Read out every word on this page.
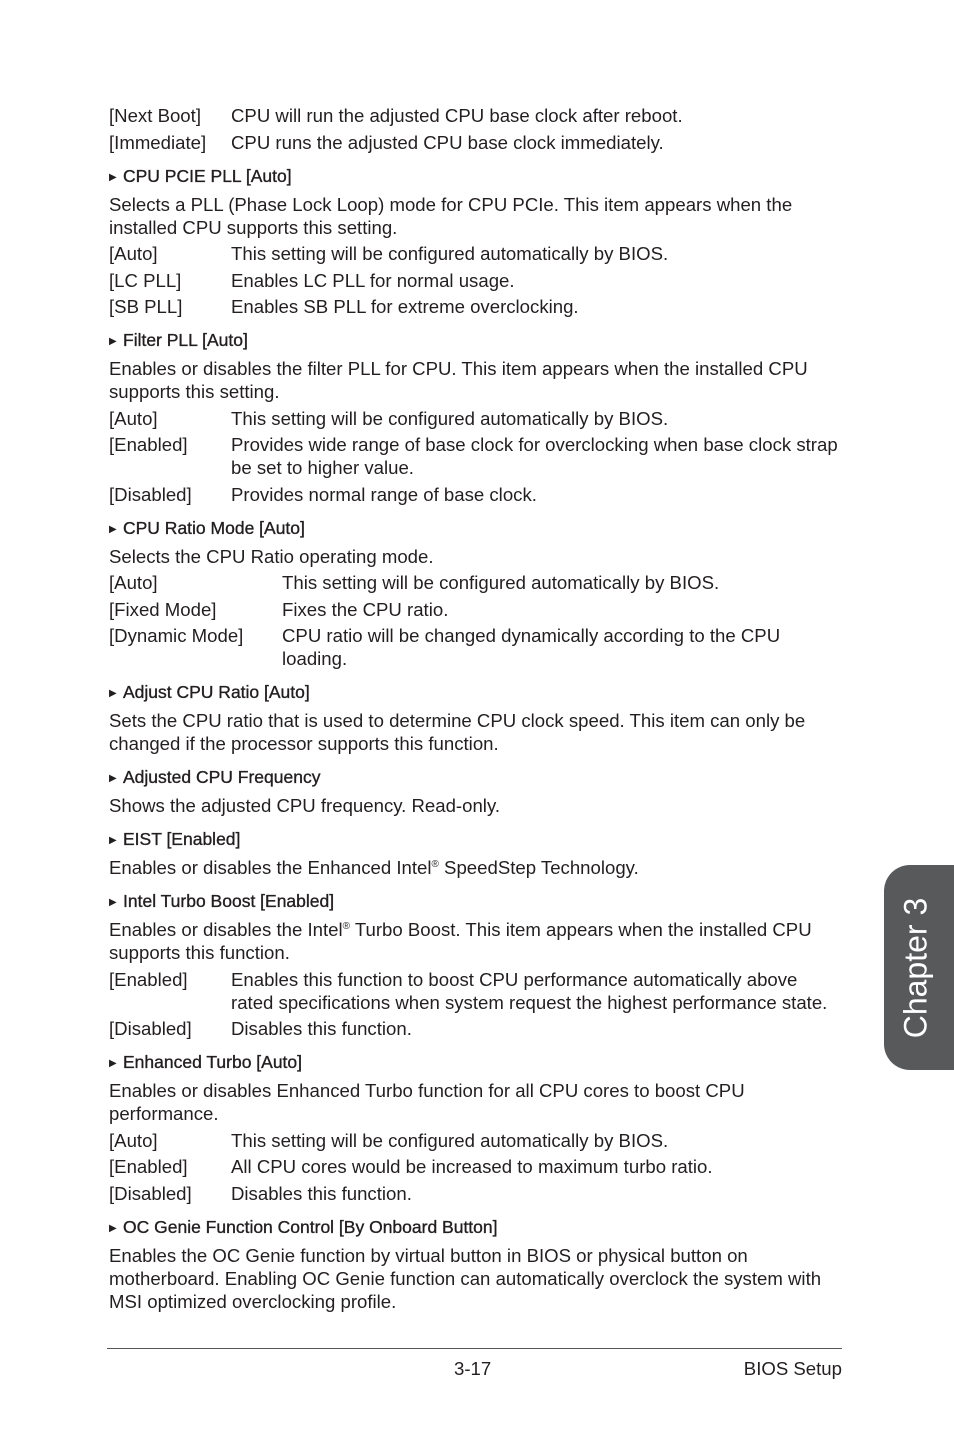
[Next Boot]	CPU will run the adjusted CPU base clock after reboot.
[Immediate]	CPU runs the adjusted CPU base clock immediately.
▶ CPU PCIE PLL [Auto]
Selects a PLL (Phase Lock Loop) mode for CPU PCIe. This item appears when the installed CPU supports this setting.
[Auto]	This setting will be configured automatically by BIOS.
[LC PLL]	Enables LC PLL for normal usage.
[SB PLL]	Enables SB PLL for extreme overclocking.
▶ Filter PLL [Auto]
Enables or disables the filter PLL for CPU. This item appears when the installed CPU supports this setting.
[Auto]	This setting will be configured automatically by BIOS.
[Enabled]	Provides wide range of base clock for overclocking when base clock strap be set to higher value.
[Disabled]	Provides normal range of base clock.
▶ CPU Ratio Mode [Auto]
Selects the CPU Ratio operating mode.
[Auto]	This setting will be configured automatically by BIOS.
[Fixed Mode]	Fixes the CPU ratio.
[Dynamic Mode]	CPU ratio will be changed dynamically according to the CPU loading.
▶ Adjust CPU Ratio [Auto]
Sets the CPU ratio that is used to determine CPU clock speed. This item can only be changed if the processor supports this function.
▶ Adjusted CPU Frequency
Shows the adjusted CPU frequency. Read-only.
▶ EIST [Enabled]
Enables or disables the Enhanced Intel® SpeedStep Technology.
▶ Intel Turbo Boost [Enabled]
Enables or disables the Intel® Turbo Boost. This item appears when the installed CPU supports this function.
[Enabled]	Enables this function to boost CPU performance automatically above rated specifications when system request the highest performance state.
[Disabled]	Disables this function.
▶ Enhanced Turbo [Auto]
Enables or disables Enhanced Turbo function for all CPU cores to boost CPU performance.
[Auto]	This setting will be configured automatically by BIOS.
[Enabled]	All CPU cores would be increased to maximum turbo ratio.
[Disabled]	Disables this function.
▶ OC Genie Function Control [By Onboard Button]
Enables the OC Genie function by virtual button in BIOS or physical button on motherboard. Enabling OC Genie function can automatically overclock the system with MSI optimized overclocking profile.
3-17	BIOS Setup
Chapter 3
